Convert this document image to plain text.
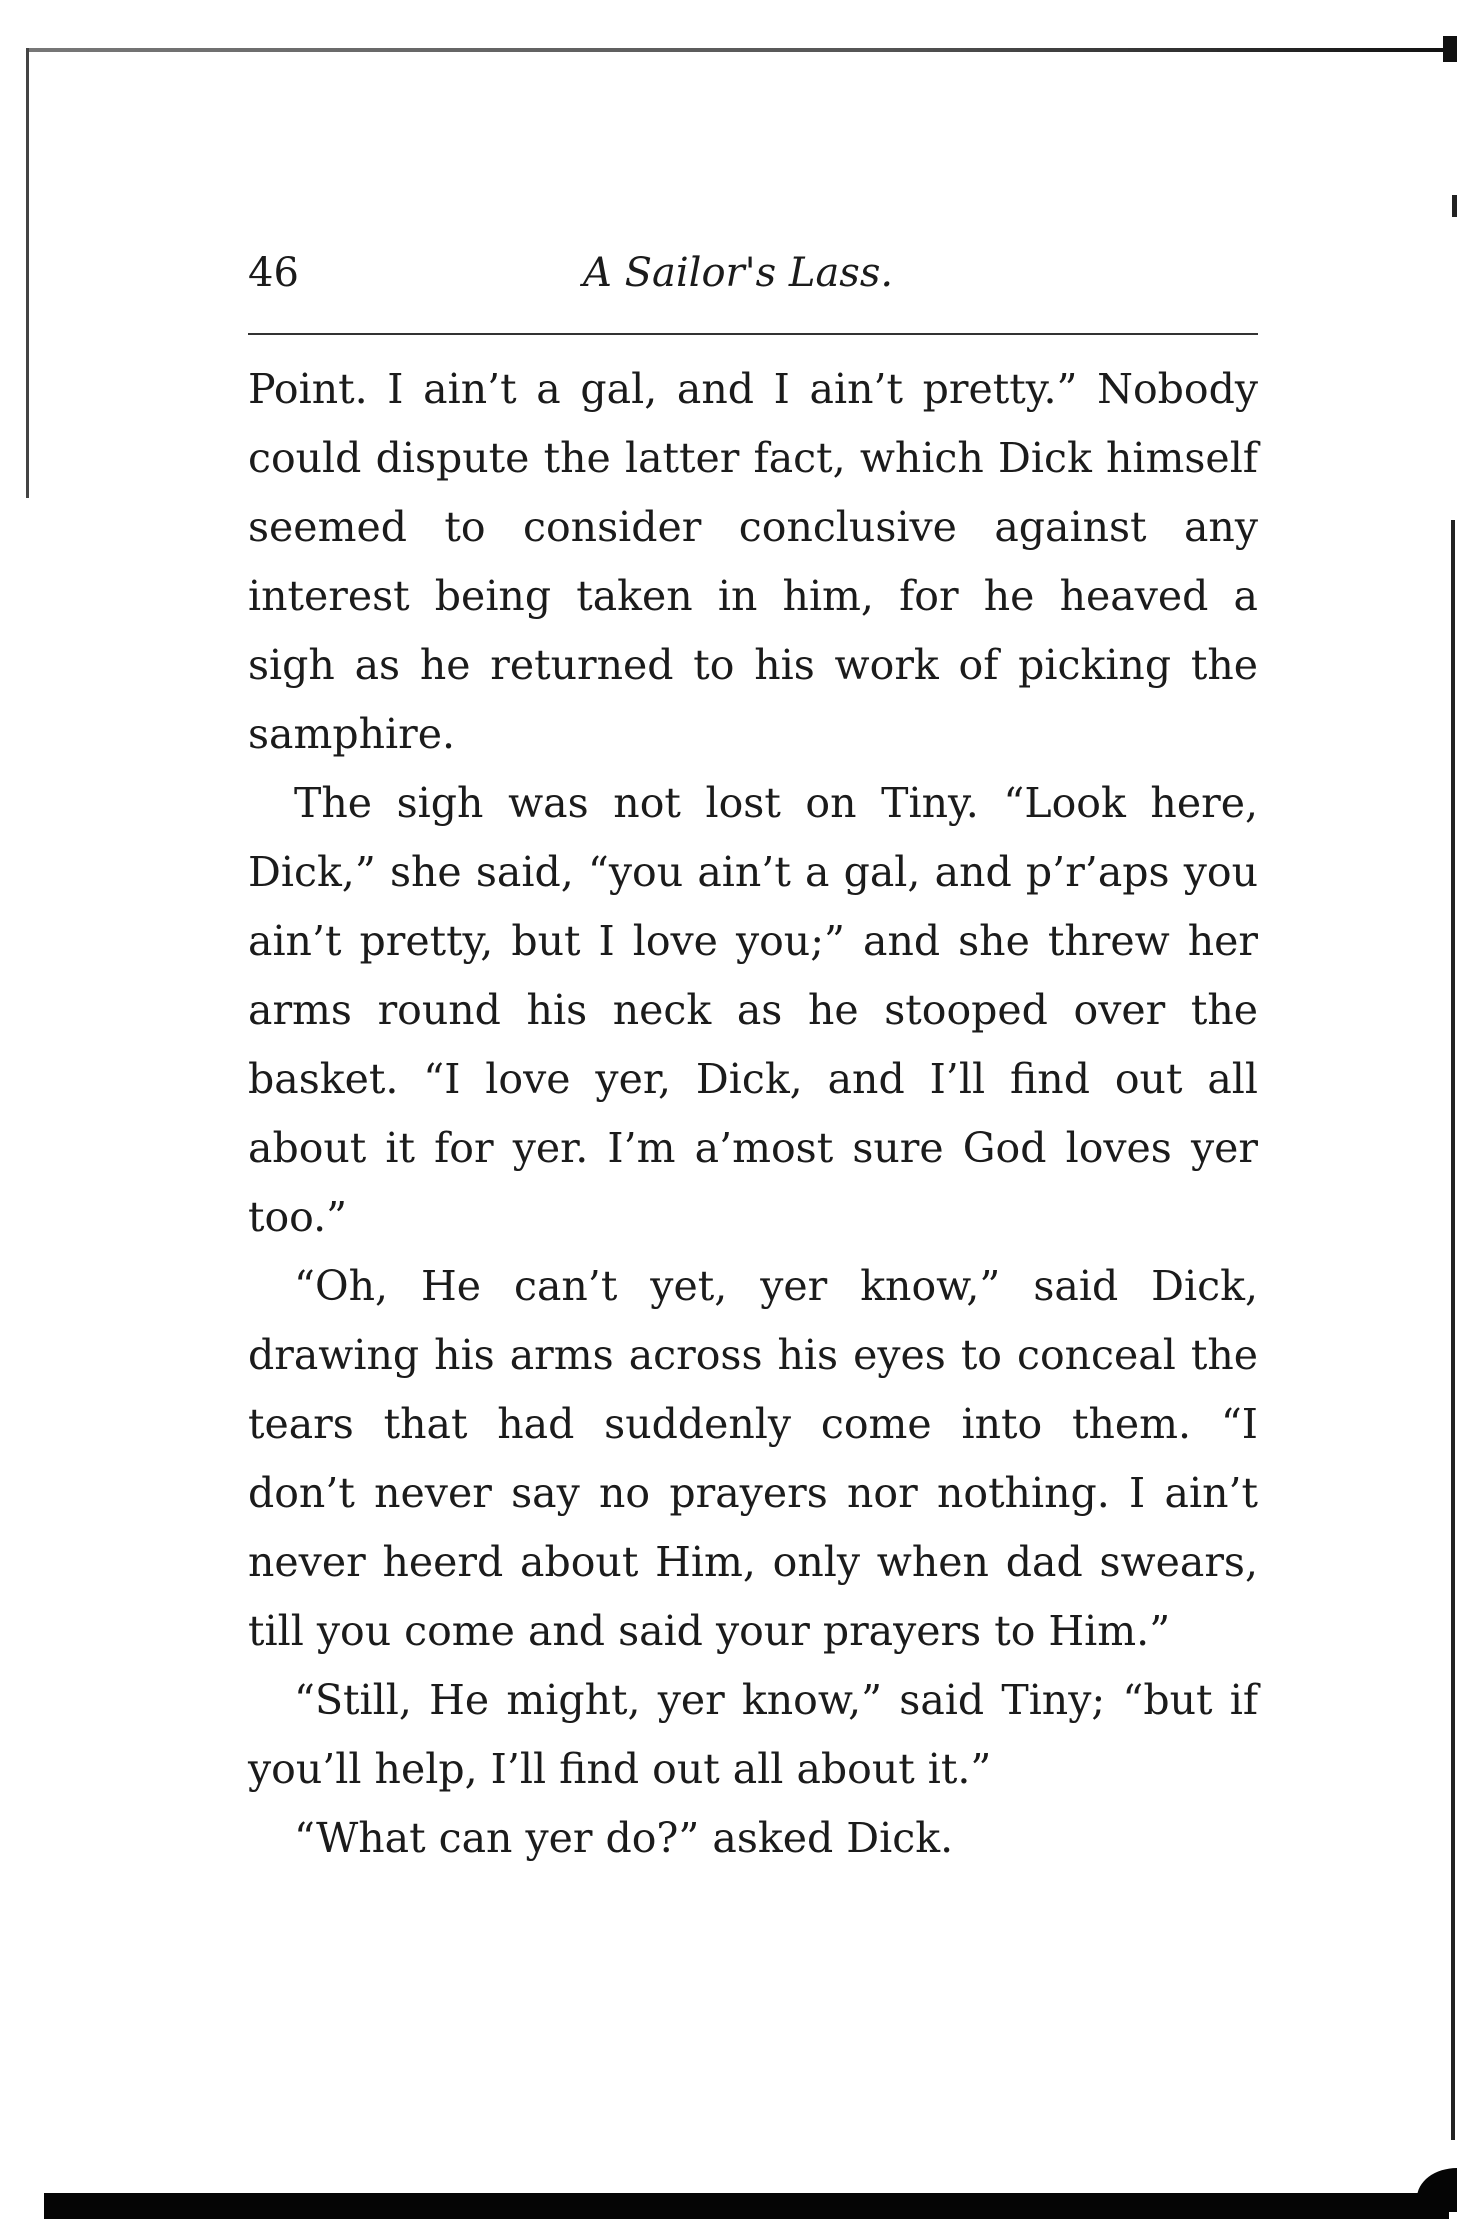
46	A Sailor's Lass.

Point. I ain’t a gal, and I ain’t pretty.” Nobody could dispute the latter fact, which Dick himself seemed to consider conclusive against any interest being taken in him, for he heaved a sigh as he returned to his work of picking the samphire.

The sigh was not lost on Tiny. “Look here, Dick,” she said, “you ain’t a gal, and p’r’aps you ain’t pretty, but I love you;” and she threw her arms round his neck as he stooped over the basket. “I love yer, Dick, and I’ll find out all about it for yer. I’m a’most sure God loves yer too.”

“Oh, He can’t yet, yer know,” said Dick, drawing his arms across his eyes to conceal the tears that had suddenly come into them. “I don’t never say no prayers nor nothing. I ain’t never heerd about Him, only when dad swears, till you come and said your prayers to Him.”

“Still, He might, yer know,” said Tiny; “but if you’ll help, I’ll find out all about it.”

“What can yer do?” asked Dick.
